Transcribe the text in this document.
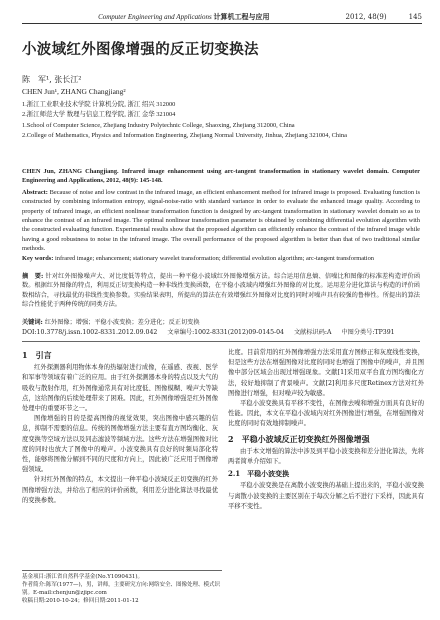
Computer Engineering and Applications 计算机工程与应用	2012, 48(9)	145
小波域红外图像增强的反正切变换法
陈　军¹, 张长江²
CHEN Jun¹, ZHANG Changjiang²

1.浙江工业职业技术学院 计算机分院, 浙江 绍兴 312000

2.浙江师范大学 数理与信息工程学院, 浙江 金华 321004

1.School of Computer Science, Zhejiang Industry Polytechnic College, Shaoxing, Zhejiang 312000, China

2.College of Mathematics, Physics and Information Engineering, Zhejiang Normal University, Jinhua, Zhejiang 321004, China

CHEN Jun, ZHANG Changjiang. Infrared image enhancement using arc-tangent transformation in stationary wavelet domain. Computer Engineering and Applications, 2012, 48(9): 145-148.

Abstract: Because of noise and low contrast in the infrared image, an efficient enhancement method for infrared image is proposed. Evaluating function is constructed by combining information entropy, signal-noise-ratio with standard variance in order to evaluate the enhanced image quality. According to property of infrared image, an efficient nonlinear transformation function is designed by arc-tangent transformation in stationary wavelet domain so as to enhance the contrast of an infrared image. The optimal nonlinear transformation parameter is obtained by combining differential evolution algorithm with the constructed evaluating function. Experimental results show that the proposed algorithm can efficiently enhance the contrast of the infrared image while having a good robustness to noise in the infrared image. The overall performance of the proposed algorithm is better than that of two traditional similar methods.

Key words: infrared image; enhancement; stationary wavelet transformation; differential evolution algorithm; arc-tangent transformation

摘　要: 针对红外图像噪声大、对比度低等特点，提出一种平稳小波域红外图像增强方法。综合运用信息熵、信噪比和图像的标准差构造评价函数。根据红外图像的特点，利用反正切变换构造一种非线性变换函数，在平稳小波域内增强红外图像的对比度。运用差分进化算法与构造的评价函数相结合，寻找最优的非线性变换参数。实验结果表明，所提出的算法在有效增强红外图像对比度的同时对噪声具有较强的鲁棒性。所提出的算法综合性能优于两种传统的同类方法。
关键词: 红外图像；增强；平稳小波变换；差分进化；反正切变换
DOI:10.3778/j.issn.1002-8331.2012.09.042 文章编号:1002-8331(2012)09-0145-04 文献标识码:A 中图分类号:TP391
1　引言

红外探测器利用物体本身的热辐射进行成像，在遥感、夜视、医学和军事等领域有着广泛的应用。由于红外探测器本身的特点以及大气的吸收与散射作用，红外图像通常具有对比度低、图像模糊、噪声大等缺点，这给图像的后续处理带来了困难。因此，红外图像增强是红外图像处理中的重要环节之一。

图像增强的目的是提高图像的视觉效果，突出图像中感兴趣的信息，抑制不需要的信息。传统的图像增强方法主要有直方图均衡化、灰度变换等空域方法以及同态滤波等频域方法。这些方法在增强图像对比度的同时也放大了图像中的噪声。小波变换具有良好的时频局部化特性，能够将图像分解到不同的尺度和方向上，因此被广泛应用于图像增强领域。

针对红外图像的特点，本文提出一种平稳小波域反正切变换的红外图像增强方法，并给出了相应的评价函数，利用差分进化算法寻找最优的变换参数。

比度。目前常用的红外图像增强方法采用直方图修正和灰度线性变换，但是这些方法在增强图像对比度的同时也增强了图像中的噪声，并且图像中部分区域会出现过增强现象。文献[1]采用双平台直方图均衡化方法，较好地抑制了背景噪声。文献[2]利用多尺度Retinex方法对红外图像进行增强，但对噪声较为敏感。

平稳小波变换具有平移不变性，在图像去噪和增强方面具有良好的性能。因此，本文在平稳小波域内对红外图像进行增强，在增强图像对比度的同时有效地抑制噪声。

2　平稳小波域反正切变换红外图像增强

由于本文增强的算法中涉及到平稳小波变换和差分进化算法，先将两者简单介绍如下。

2.1　平稳小波变换

平稳小波变换是在离散小波变换的基础上提出来的，平稳小波变换与离散小波变换的主要区别在于每次分解之后不进行下采样，因此具有平移不变性。

基金项目:浙江省自然科学基金(No.Y1090431)。

作者简介:陈军(1977—)，男，讲师，主要研究方向:网络安全、图像处理、模式识别。E-mail:chenjun@zjipc.com

收稿日期:2010-10-24；修回日期:2011-01-12
